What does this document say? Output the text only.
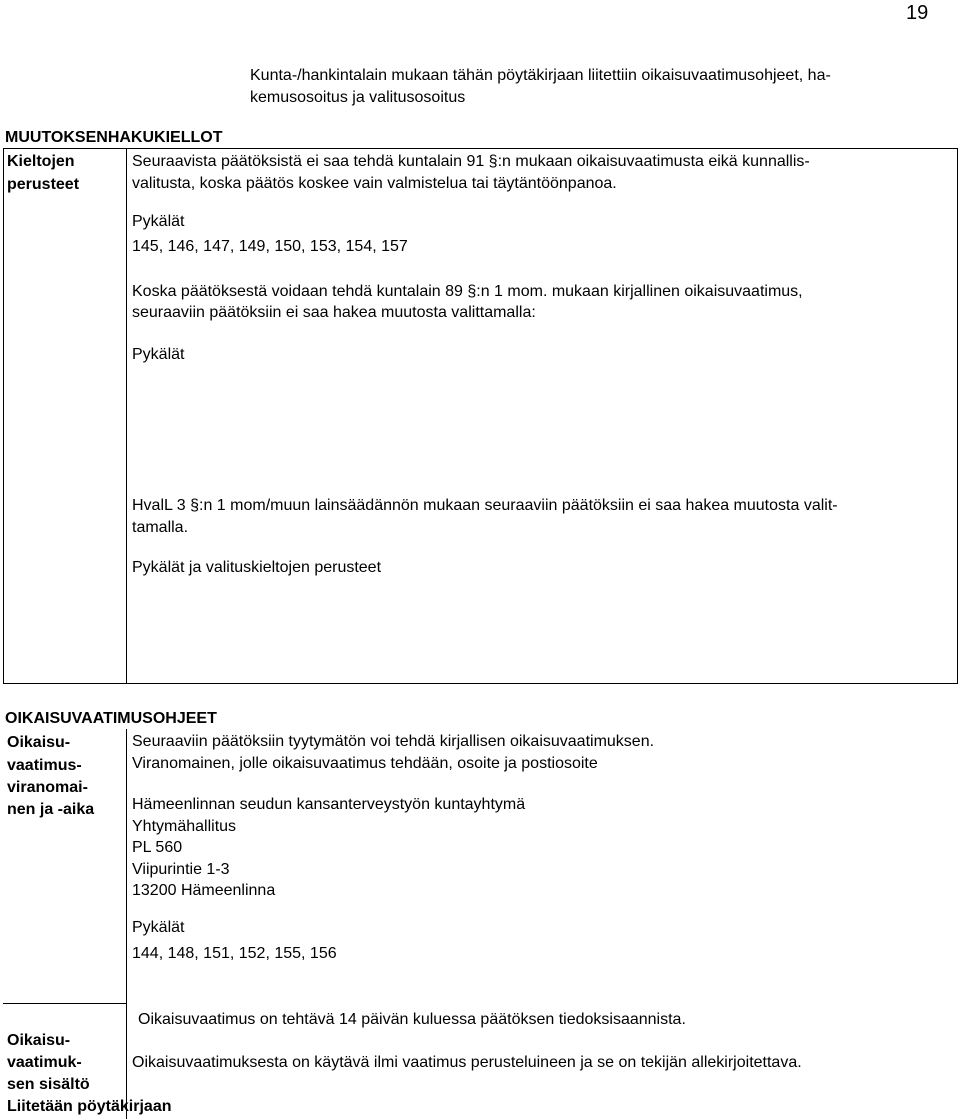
19

Kunta-/hankintalain mukaan tähän pöytäkirjaan liitettiin oikaisuvaatimusohjeet, ha-

kemusosoitus ja valitusosoitus

MUUTOKSENHAKUKIELLOT
Kieltojen
perusteet

Seuraavista päätöksistä ei saa tehdä kuntalain 91 §:n mukaan oikaisuvaatimusta eikä kunnallis-

valitusta, koska päätös koskee vain valmistelua tai täytäntöönpanoa.

Pykälät

145, 146, 147, 149, 150, 153, 154, 157

Koska päätöksestä voidaan tehdä kuntalain 89 §:n 1 mom. mukaan kirjallinen oikaisuvaatimus,

seuraaviin päätöksiin ei saa hakea muutosta valittamalla:

Pykälät

HvalL 3 §:n 1 mom/muun lainsäädännön mukaan seuraaviin päätöksiin ei saa hakea muutosta valit-

tamalla.

Pykälät ja valituskieltojen perusteet

OIKAISUVAATIMUSOHJEET
Oikaisu-
vaatimus-
viranomai-
nen ja -aika

Seuraaviin päätöksiin tyytymätön voi tehdä kirjallisen oikaisuvaatimuksen.

Viranomainen, jolle oikaisuvaatimus tehdään, osoite ja postiosoite

Hämeenlinnan seudun kansanterveystyön kuntayhtymä

Yhtymähallitus

PL 560

Viipurintie 1-3

13200 Hämeenlinna

Pykälät

144, 148, 151, 152, 155, 156

Oikaisuvaatimus on tehtävä 14 päivän kuluessa päätöksen tiedoksisaannista.

Oikaisu-
vaatimuk-
sen sisältö

Oikaisuvaatimuksesta on käytävä ilmi vaatimus perusteluineen ja se on tekijän allekirjoitettava.

Liitetään pöytäkirjaan
